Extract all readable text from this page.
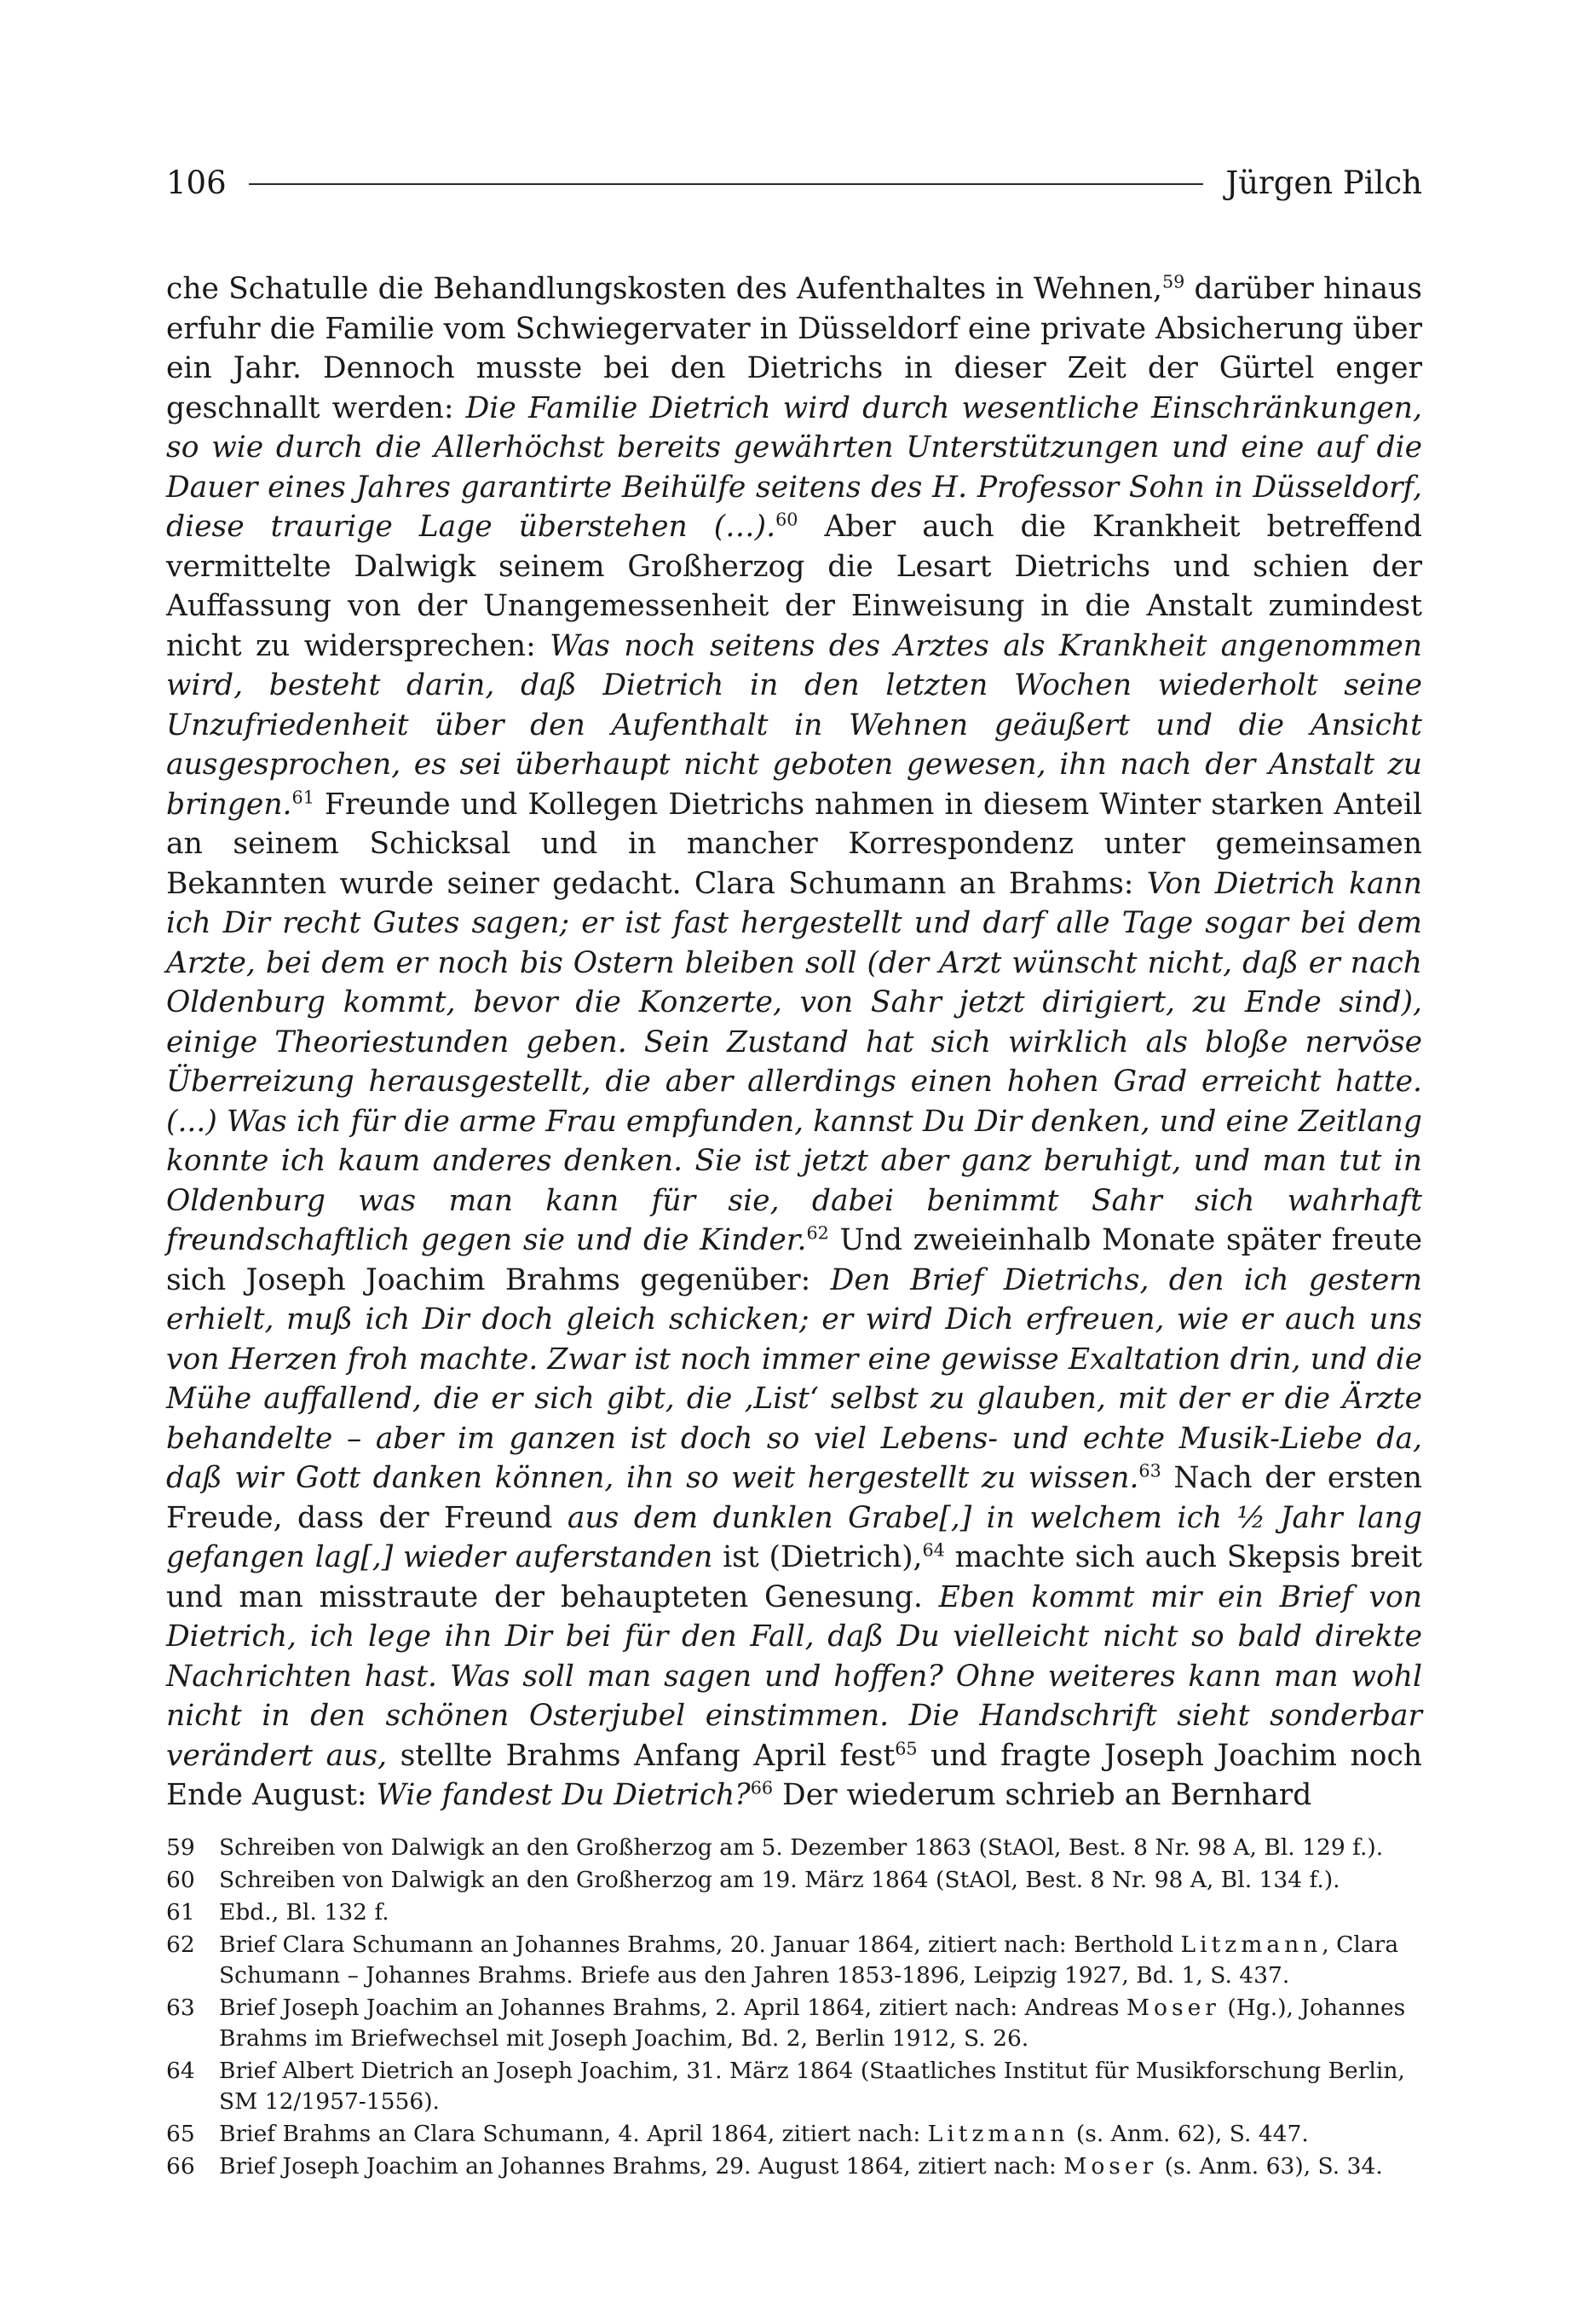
106	Jürgen Pilch
che Schatulle die Behandlungskosten des Aufenthaltes in Wehnen,$^{59}$ darüber hinaus erfuhr die Familie vom Schwiegervater in Düsseldorf eine private Absicherung über ein Jahr. Dennoch musste bei den Dietrichs in dieser Zeit der Gürtel enger geschnallt werden: Die Familie Dietrich wird durch wesentliche Einschränkungen, so wie durch die Allerhöchst bereits gewährten Unterstützungen und eine auf die Dauer eines Jahres garantirte Beihülfe seitens des H. Professor Sohn in Düsseldorf, diese traurige Lage überstehen (…).$^{60}$ Aber auch die Krankheit betreffend vermittelte Dalwigk seinem Großherzog die Lesart Dietrichs und schien der Auffassung von der Unangemessenheit der Einweisung in die Anstalt zumindest nicht zu widersprechen: Was noch seitens des Arztes als Krankheit angenommen wird, besteht darin, daß Dietrich in den letzten Wochen wiederholt seine Unzufriedenheit über den Aufenthalt in Wehnen geäußert und die Ansicht ausgesprochen, es sei überhaupt nicht geboten gewesen, ihn nach der Anstalt zu bringen.$^{61}$ Freunde und Kollegen Dietrichs nahmen in diesem Winter starken Anteil an seinem Schicksal und in mancher Korrespondenz unter gemeinsamen Bekannten wurde seiner gedacht. Clara Schumann an Brahms: Von Dietrich kann ich Dir recht Gutes sagen; er ist fast hergestellt und darf alle Tage sogar bei dem Arzte, bei dem er noch bis Ostern bleiben soll (der Arzt wünscht nicht, daß er nach Oldenburg kommt, bevor die Konzerte, von Sahr jetzt dirigiert, zu Ende sind), einige Theoriestunden geben. Sein Zustand hat sich wirklich als bloße nervöse Überreizung herausgestellt, die aber allerdings einen hohen Grad erreicht hatte. (...) Was ich für die arme Frau empfunden, kannst Du Dir denken, und eine Zeitlang konnte ich kaum anderes denken. Sie ist jetzt aber ganz beruhigt, und man tut in Oldenburg was man kann für sie, dabei benimmt Sahr sich wahrhaft freundschaftlich gegen sie und die Kinder.$^{62}$ Und zweieinhalb Monate später freute sich Joseph Joachim Brahms gegenüber: Den Brief Dietrichs, den ich gestern erhielt, muß ich Dir doch gleich schicken; er wird Dich erfreuen, wie er auch uns von Herzen froh machte. Zwar ist noch immer eine gewisse Exaltation drin, und die Mühe auffallend, die er sich gibt, die ‚List‘ selbst zu glauben, mit der er die Ärzte behandelte – aber im ganzen ist doch so viel Lebens- und echte Musik-Liebe da, daß wir Gott danken können, ihn so weit hergestellt zu wissen.$^{63}$ Nach der ersten Freude, dass der Freund aus dem dunklen Grabe[,] in welchem ich ½ Jahr lang gefangen lag[,] wieder auferstanden ist (Dietrich),$^{64}$ machte sich auch Skepsis breit und man misstraute der behaupteten Genesung. Eben kommt mir ein Brief von Dietrich, ich lege ihn Dir bei für den Fall, daß Du vielleicht nicht so bald direkte Nachrichten hast. Was soll man sagen und hoffen? Ohne weiteres kann man wohl nicht in den schönen Osterjubel einstimmen. Die Handschrift sieht sonderbar verändert aus, stellte Brahms Anfang April fest$^{65}$ und fragte Joseph Joachim noch Ende August: Wie fandest Du Dietrich?$^{66}$ Der wiederum schrieb an Bernhard
59	Schreiben von Dalwigk an den Großherzog am 5. Dezember 1863 (StAOl, Best. 8 Nr. 98 A, Bl. 129 f.).
60	Schreiben von Dalwigk an den Großherzog am 19. März 1864 (StAOl, Best. 8 Nr. 98 A, Bl. 134 f.).
61	Ebd., Bl. 132 f.
62	Brief Clara Schumann an Johannes Brahms, 20. Januar 1864, zitiert nach: Berthold Litzmann, Clara Schumann – Johannes Brahms. Briefe aus den Jahren 1853-1896, Leipzig 1927, Bd. 1, S. 437.
63	Brief Joseph Joachim an Johannes Brahms, 2. April 1864, zitiert nach: Andreas Moser (Hg.), Johannes Brahms im Briefwechsel mit Joseph Joachim, Bd. 2, Berlin 1912, S. 26.
64	Brief Albert Dietrich an Joseph Joachim, 31. März 1864 (Staatliches Institut für Musikforschung Berlin, SM 12/1957-1556).
65	Brief Brahms an Clara Schumann, 4. April 1864, zitiert nach: Litzmann (s. Anm. 62), S. 447.
66	Brief Joseph Joachim an Johannes Brahms, 29. August 1864, zitiert nach: Moser (s. Anm. 63), S. 34.
